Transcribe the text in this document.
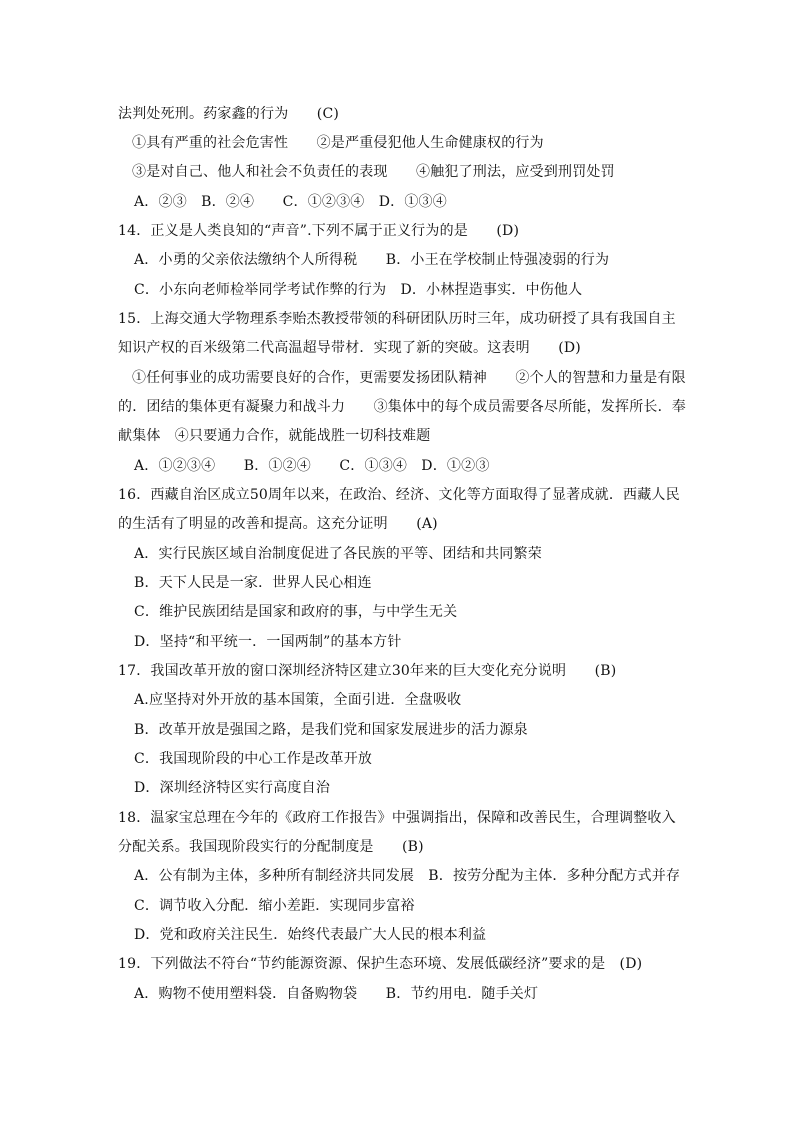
法判处死刑。药家鑫的行为　　(C)
①具有严重的社会危害性　　②是严重侵犯他人生命健康权的行为
③是对自己、他人和社会不负责任的表现　　④触犯了刑法，应受到刑罚处罚
A．②③　B．②④　　C．①②③④　D．①③④
14．正义是人类良知的“声音”.下列不属于正义行为的是　　(D)
A．小勇的父亲依法缴纳个人所得税　　B．小王在学校制止恃强凌弱的行为
C．小东向老师检举同学考试作弊的行为　D．小林捏造事实．中伤他人
15．上海交通大学物理系李贻杰教授带领的科研团队历时三年，成功研授了具有我国自主
知识产权的百米级第二代高温超导带材．实现了新的突破。这表明　　(D)
①任何事业的成功需要良好的合作，更需要发扬团队精神　　②个人的智慧和力量是有限
的．团结的集体更有凝聚力和战斗力　　③集体中的每个成员需要各尽所能，发挥所长．奉
献集体　④只要通力合作，就能战胜一切科技难题
A．①②③④　　B．①②④　　C．①③④　D．①②③
16．西藏自治区成立50周年以来，在政治、经济、文化等方面取得了显著成就．西藏人民
的生活有了明显的改善和提高。这充分证明　　(A)
A．实行民族区域自治制度促进了各民族的平等、团结和共同繁荣
B．天下人民是一家．世界人民心相连
C．维护民族团结是国家和政府的事，与中学生无关
D．坚持“和平统一．一国两制”的基本方针
17．我国改革开放的窗口深圳经济特区建立30年来的巨大变化充分说明　　(B)
A.应坚持对外开放的基本国策，全面引进．全盘吸收
B．改革开放是强国之路，是我们党和国家发展进步的活力源泉
C．我国现阶段的中心工作是改革开放
D．深圳经济特区实行高度自治
18．温家宝总理在今年的《政府工作报告》中强调指出，保障和改善民生，合理调整收入
分配关系。我国现阶段实行的分配制度是　　(B)
A．公有制为主体，多种所有制经济共同发展　B．按劳分配为主体．多种分配方式并存
C．调节收入分配．缩小差距．实现同步富裕
D．党和政府关注民生．始终代表最广大人民的根本利益
19．下列做法不符台“节约能源资源、保护生态环境、发展低碳经济”要求的是　(D)
A．购物不使用塑料袋．自备购物袋　　B．节约用电．随手关灯
